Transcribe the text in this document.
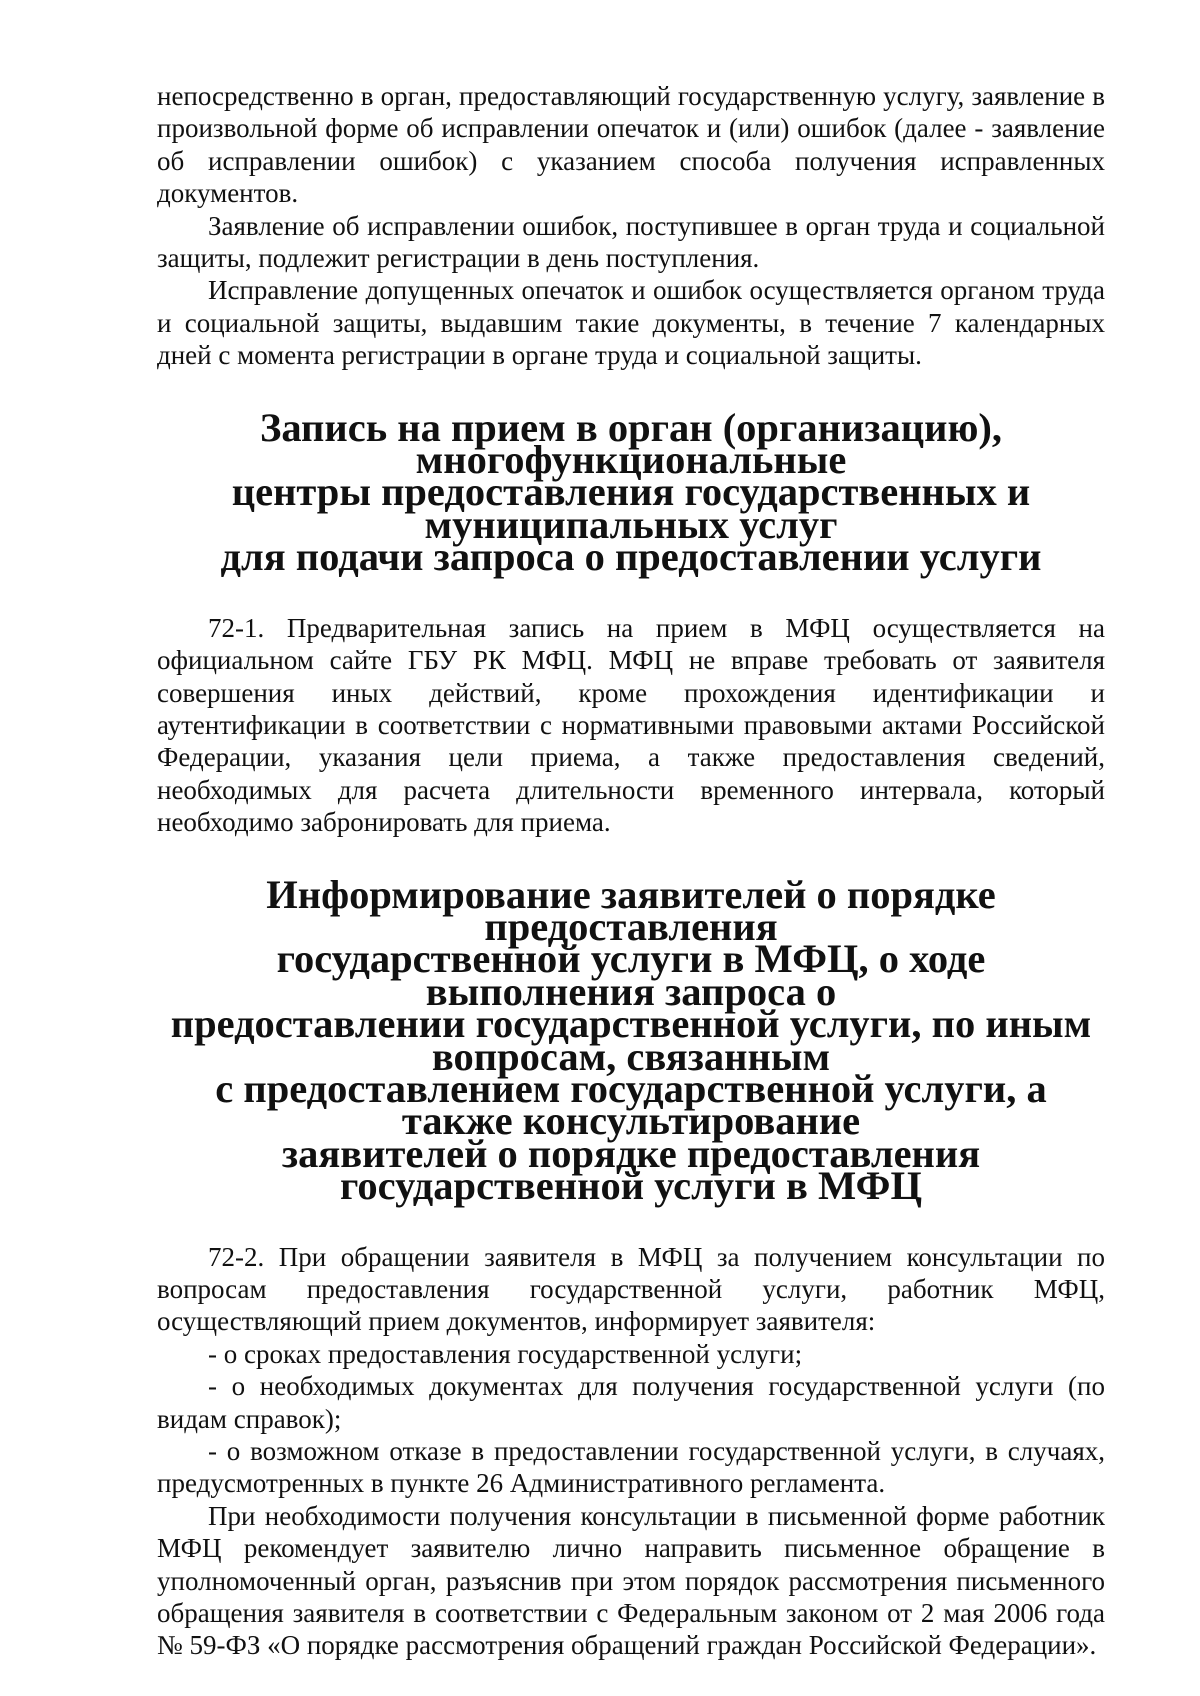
непосредственно в орган, предоставляющий государственную услугу, заявление в произвольной форме об исправлении опечаток и (или) ошибок (далее - заявление об исправлении ошибок) с указанием способа получения исправленных документов.

Заявление об исправлении ошибок, поступившее в орган труда и социальной защиты, подлежит регистрации в день поступления.

Исправление допущенных опечаток и ошибок осуществляется органом труда и социальной защиты, выдавшим такие документы, в течение 7 календарных дней с момента регистрации в органе труда и социальной защиты.

Запись на прием в орган (организацию), многофункциональные
центры предоставления государственных и муниципальных услуг
для подачи запроса о предоставлении услуги

72-1. Предварительная запись на прием в МФЦ осуществляется на официальном сайте ГБУ РК МФЦ. МФЦ не вправе требовать от заявителя совершения иных действий, кроме прохождения идентификации и аутентификации в соответствии с нормативными правовыми актами Российской Федерации, указания цели приема, а также предоставления сведений, необходимых для расчета длительности временного интервала, который необходимо забронировать для приема.

Информирование заявителей о порядке предоставления
государственной услуги в МФЦ, о ходе выполнения запроса о
предоставлении государственной услуги, по иным вопросам, связанным
с предоставлением государственной услуги, а также консультирование
заявителей о порядке предоставления государственной услуги в МФЦ

72-2. При обращении заявителя в МФЦ за получением консультации по вопросам предоставления государственной услуги, работник МФЦ, осуществляющий прием документов, информирует заявителя:

- о сроках предоставления государственной услуги;

- о необходимых документах для получения государственной услуги (по видам справок);

- о возможном отказе в предоставлении государственной услуги, в случаях, предусмотренных в пункте 26 Административного регламента.

При необходимости получения консультации в письменной форме работник МФЦ рекомендует заявителю лично направить письменное обращение в уполномоченный орган, разъяснив при этом порядок рассмотрения письменного обращения заявителя в соответствии с Федеральным законом от 2 мая 2006 года № 59-ФЗ «О порядке рассмотрения обращений граждан Российской Федерации».
